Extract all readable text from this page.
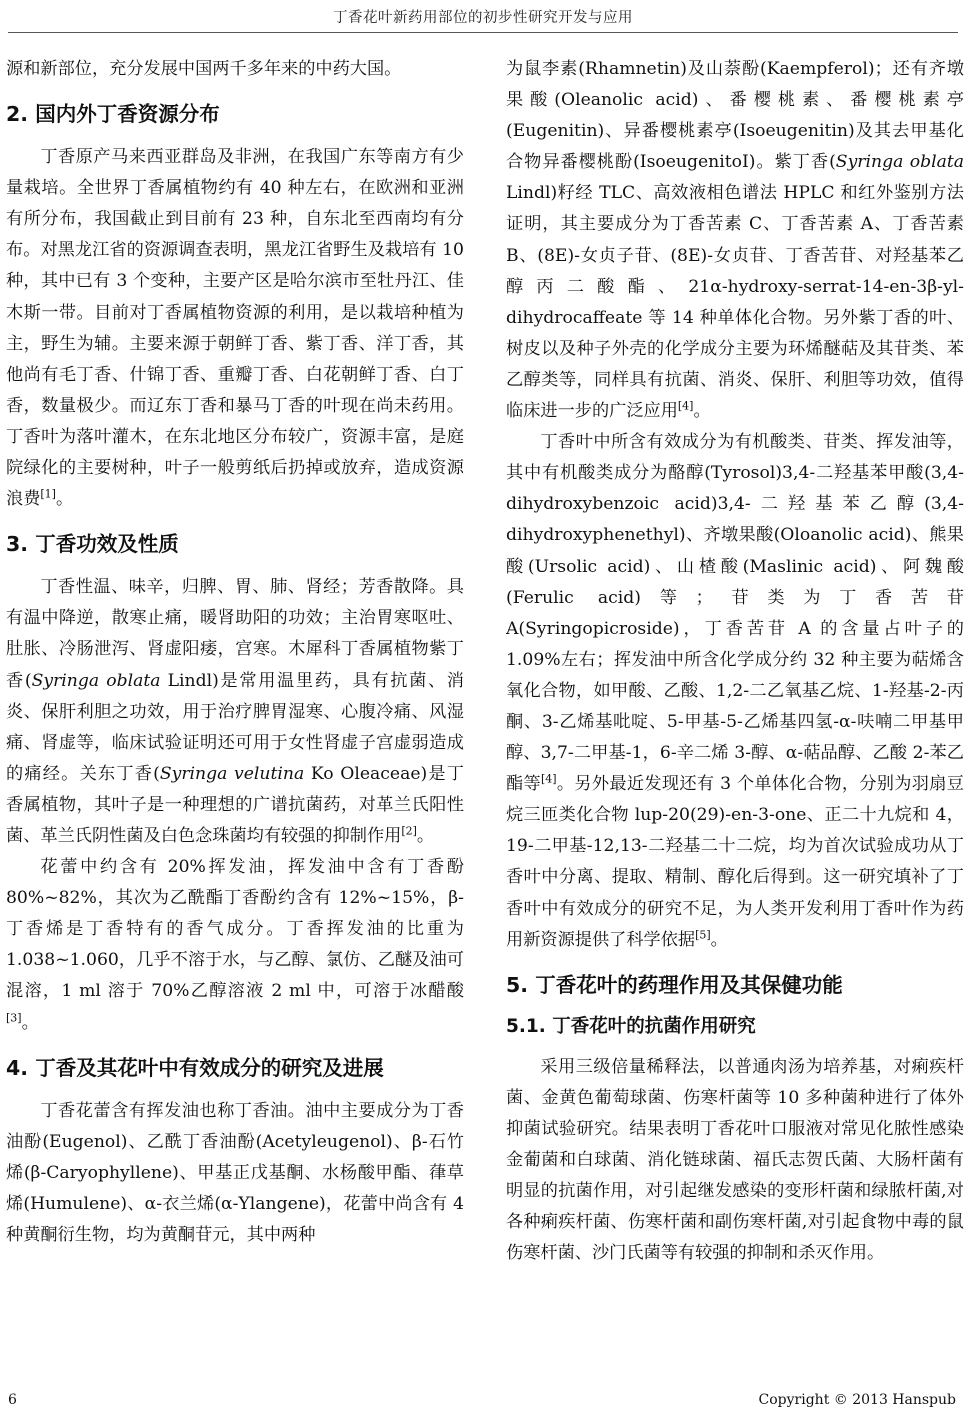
丁香花叶新药用部位的初步性研究开发与应用

源和新部位，充分发展中国两千多年来的中药大国。

2. 国内外丁香资源分布

丁香原产马来西亚群岛及非洲，在我国广东等南方有少量栽培。全世界丁香属植物约有 40 种左右，在欧洲和亚洲有所分布，我国截止到目前有 23 种，自东北至西南均有分布。对黑龙江省的资源调查表明，黑龙江省野生及栽培有 10 种，其中已有 3 个变种，主要产区是哈尔滨市至牡丹江、佳木斯一带。目前对丁香属植物资源的利用，是以栽培种植为主，野生为辅。主要来源于朝鲜丁香、紫丁香、洋丁香，其他尚有毛丁香、什锦丁香、重瓣丁香、白花朝鲜丁香、白丁香，数量极少。而辽东丁香和暴马丁香的叶现在尚未药用。丁香叶为落叶灌木，在东北地区分布较广，资源丰富，是庭院绿化的主要树种，叶子一般剪纸后扔掉或放弃，造成资源浪费[1]。

3. 丁香功效及性质

丁香性温、味辛，归脾、胃、肺、肾经；芳香散降。具有温中降逆，散寒止痛，暖肾助阳的功效；主治胃寒呕吐、肚胀、冷肠泄泻、肾虚阳痿，宫寒。木犀科丁香属植物紫丁香(Syringa oblata Lindl)是常用温里药，具有抗菌、消炎、保肝利胆之功效，用于治疗脾胃湿寒、心腹冷痛、风湿痛、肾虚等，临床试验证明还可用于女性肾虚子宫虚弱造成的痛经。关东丁香(Syringa velutina Ko Oleaceae)是丁香属植物，其叶子是一种理想的广谱抗菌药，对革兰氏阳性菌、革兰氏阴性菌及白色念珠菌均有较强的抑制作用[2]。

花蕾中约含有 20%挥发油，挥发油中含有丁香酚 80%~82%，其次为乙酰酯丁香酚约含有 12%~15%，β-丁香烯是丁香特有的香气成分。丁香挥发油的比重为 1.038~1.060，几乎不溶于水，与乙醇、氯仿、乙醚及油可混溶，1 ml 溶于 70%乙醇溶液 2 ml 中，可溶于冰醋酸[3]。

4. 丁香及其花叶中有效成分的研究及进展

丁香花蕾含有挥发油也称丁香油。油中主要成分为丁香油酚(Eugenol)、乙酰丁香油酚(Acetyleugenol)、β-石竹烯(β-Caryophyllene)、甲基正戊基酮、水杨酸甲酯、葎草烯(Humulene)、α-衣兰烯(α-Ylangene)，花蕾中尚含有 4 种黄酮衍生物，均为黄酮苷元，其中两种

为鼠李素(Rhamnetin)及山萘酚(Kaempferol)；还有齐墩果酸(Oleanolic acid)、番樱桃素、番樱桃素亭(Eugenitin)、异番樱桃素亭(Isoeugenitin)及其去甲基化合物异番樱桃酚(IsoeugenitoI)。紫丁香(Syringa oblata Lindl)籽经 TLC、高效液相色谱法 HPLC 和红外鉴别方法证明，其主要成分为丁香苦素 C、丁香苦素 A、丁香苦素 B、(8E)-女贞子苷、(8E)-女贞苷、丁香苦苷、对羟基苯乙醇丙二酸酯、21α-hydroxy-serrat-14-en-3β-yl-dihydrocaffeate 等 14 种单体化合物。另外紫丁香的叶、树皮以及种子外壳的化学成分主要为环烯醚萜及其苷类、苯乙醇类等，同样具有抗菌、消炎、保肝、利胆等功效，值得临床进一步的广泛应用[4]。

丁香叶中所含有效成分为有机酸类、苷类、挥发油等，其中有机酸类成分为酪醇(Tyrosol)3,4-二羟基苯甲酸(3,4-dihydroxybenzoic acid)3,4-二羟基苯乙醇(3,4-dihydroxyphenethyl)、齐墩果酸(Oloanolic acid)、熊果酸(Ursolic acid)、山楂酸(Maslinic acid)、阿魏酸(Ferulic acid)等；苷类为丁香苦苷 A(Syringopicroside)，丁香苦苷 A 的含量占叶子的 1.09%左右；挥发油中所含化学成分约 32 种主要为萜烯含氧化合物，如甲酸、乙酸、1,2-二乙氧基乙烷、1-羟基-2-丙酮、3-乙烯基吡啶、5-甲基-5-乙烯基四氢-α-呋喃二甲基甲醇、3,7-二甲基-1，6-辛二烯 3-醇、α-萜品醇、乙酸 2-苯乙酯等[4]。另外最近发现还有 3 个单体化合物，分别为羽扇豆烷三匝类化合物 lup-20(29)-en-3-one、正二十九烷和 4，19-二甲基-12,13-二羟基二十二烷，均为首次试验成功从丁香叶中分离、提取、精制、醇化后得到。这一研究填补了丁香叶中有效成分的研究不足，为人类开发利用丁香叶作为药用新资源提供了科学依据[5]。

5. 丁香花叶的药理作用及其保健功能
5.1. 丁香花叶的抗菌作用研究

采用三级倍量稀释法，以普通肉汤为培养基，对痢疾杆菌、金黄色葡萄球菌、伤寒杆菌等 10 多种菌种进行了体外抑菌试验研究。结果表明丁香花叶口服液对常见化脓性感染金葡菌和白球菌、消化链球菌、福氏志贺氏菌、大肠杆菌有明显的抗菌作用，对引起继发感染的变形杆菌和绿脓杆菌,对各种痢疾杆菌、伤寒杆菌和副伤寒杆菌,对引起食物中毒的鼠伤寒杆菌、沙门氏菌等有较强的抑制和杀灭作用。

6	Copyright © 2013 Hanspub
